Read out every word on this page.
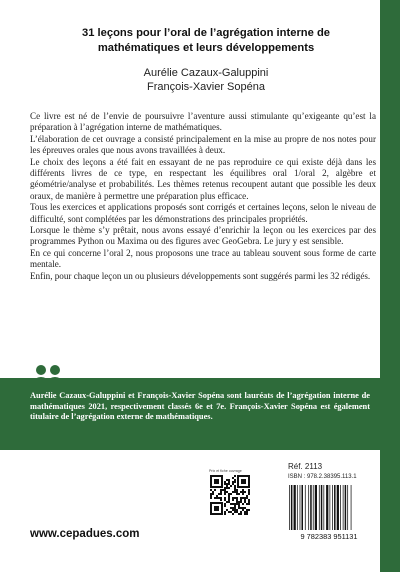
31 leçons pour l’oral de l’agrégation interne de
mathématiques et leurs développements
Aurélie Cazaux-Galuppini
François-Xavier Sopéna

Ce livre est né de l’envie de poursuivre l’aventure aussi stimulante qu’exigeante qu’est la préparation à l’agrégation interne de mathématiques.

L’élaboration de cet ouvrage a consisté principalement en la mise au propre de nos notes pour les épreuves orales que nous avons travaillées à deux.

Le choix des leçons a été fait en essayant de ne pas reproduire ce qui existe déjà dans les différents livres de ce type, en respectant les équilibres oral 1/oral 2, algèbre et géométrie/analyse et probabilités. Les thèmes retenus recoupent autant que possible les deux oraux, de manière à permettre une préparation plus efficace.

Tous les exercices et applications proposés sont corrigés et certaines leçons, selon le niveau de difficulté, sont complétées par les démonstrations des principales propriétés.

Lorsque le thème s’y prêtait, nous avons essayé d’enrichir la leçon ou les exercices par des programmes Python ou Maxima ou des figures avec GeoGebra. Le jury y est sensible.

En ce qui concerne l’oral 2, nous proposons une trace au tableau souvent sous forme de carte mentale.

Enfin, pour chaque leçon un ou plusieurs développements sont suggérés parmi les 32 rédigés.

Aurélie Cazaux-Galuppini et François-Xavier Sopéna sont lauréats de l’agrégation interne de mathématiques 2021, respectivement classés 6e et 7e. François-Xavier Sopéna est également titulaire de l’agrégation externe de mathématiques.
Prix et fiche ouvrage	Réf. 2113
ISBN : 978.2.38395.113.1
9 782383 951131
www.cepadues.com
